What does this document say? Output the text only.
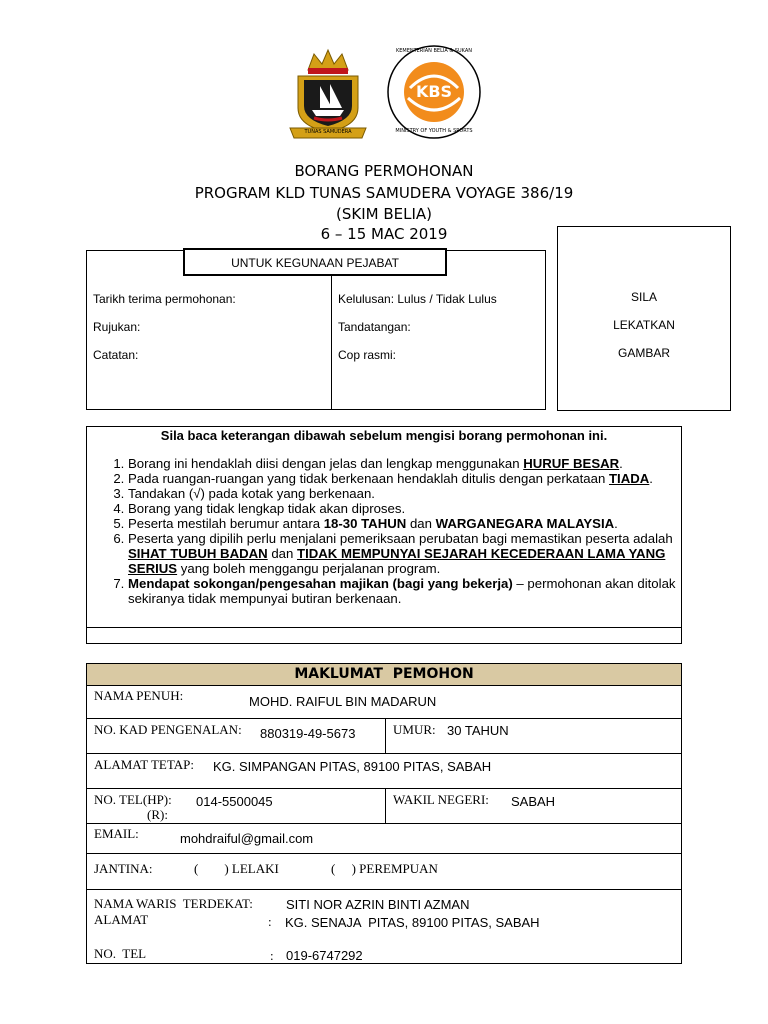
TUNAS SAMUDERA
KBS
KEMENTERIAN BELIA & SUKAN
MINISTRY OF YOUTH & SPORTS
BORANG PERMOHONAN
PROGRAM KLD TUNAS SAMUDERA VOYAGE 386/19
(SKIM BELIA)
6 – 15 MAC 2019
UNTUK KEGUNAAN PEJABAT
Tarikh terima permohonan:
Rujukan:
Catatan:
Kelulusan: Lulus / Tidak Lulus
Tandatangan:
Cop rasmi:
SILA
LEKATKAN
GAMBAR
Sila baca keterangan dibawah sebelum mengisi borang permohonan ini.
1. Borang ini hendaklah diisi dengan jelas dan lengkap menggunakan HURUF BESAR.
2. Pada ruangan-ruangan yang tidak berkenaan hendaklah ditulis dengan perkataan TIADA.
3. Tandakan (√) pada kotak yang berkenaan.
4. Borang yang tidak lengkap tidak akan diproses.
5. Peserta mestilah berumur antara 18-30 TAHUN dan WARGANEGARA MALAYSIA.
6. Peserta yang dipilih perlu menjalani pemeriksaan perubatan bagi memastikan peserta adalah SIHAT TUBUH BADAN dan TIDAK MEMPUNYAI SEJARAH KECEDERAAN LAMA YANG SERIUS yang boleh menggangu perjalanan program.
7. Mendapat sokongan/pengesahan majikan (bagi yang bekerja) – permohonan akan ditolak sekiranya tidak mempunyai butiran berkenaan.
MAKLUMAT  PEMOHON
NAMA PENUH:	MOHD. RAIFUL BIN MADARUN
NO. KAD PENGENALAN: 880319-49-5673	UMUR: 30 TAHUN
ALAMAT TETAP: KG. SIMPANGAN PITAS, 89100 PITAS, SABAH
NO. TEL(HP):
(R):
014-5500045	WAKIL NEGERI: SABAH
EMAIL:	mohdraiful@gmail.com
JANTINA:	(        ) LELAKI	(     ) PEREMPUAN
NAMA WARIS  TERDEKAT:	SITI NOR AZRIN BINTI AZMAN
ALAMAT	: KG. SENAJA  PITAS, 89100 PITAS, SABAH
NO.  TEL	: 019-6747292
